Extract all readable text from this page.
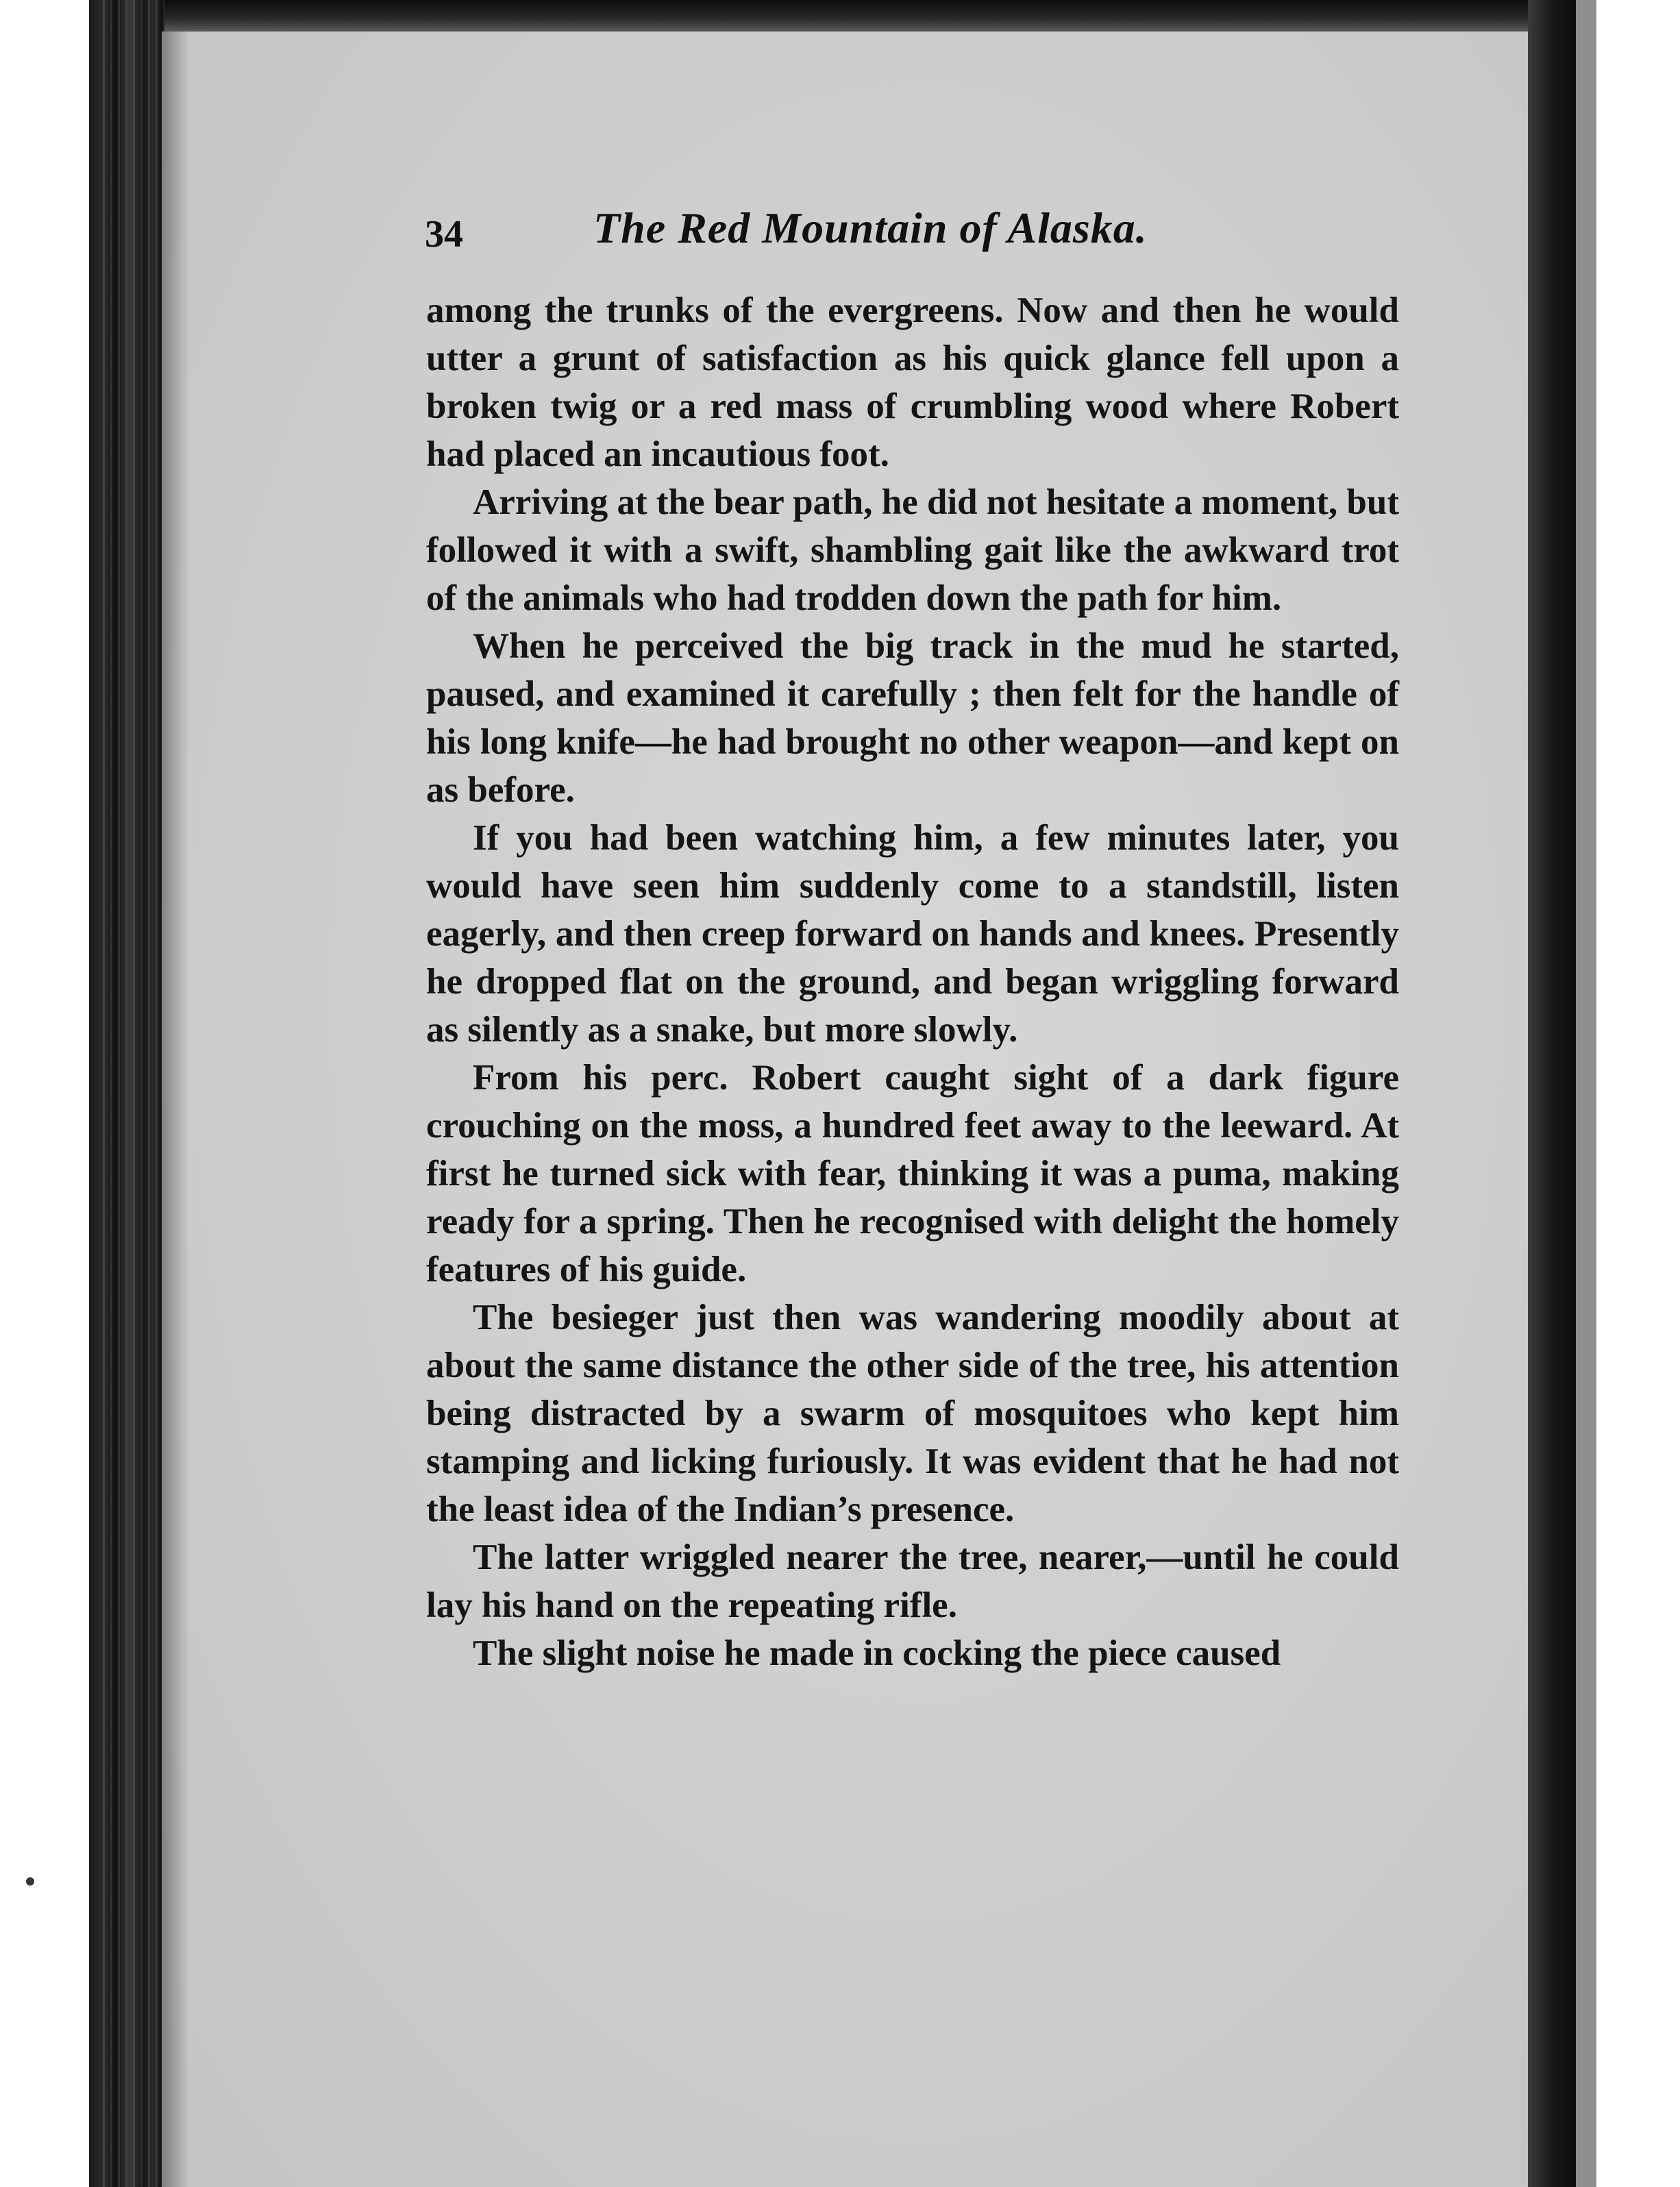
34	The Red Mountain of Alaska.

among the trunks of the evergreens. Now and then he would utter a grunt of satisfaction as his quick glance fell upon a broken twig or a red mass of crumbling wood where Robert had placed an incautious foot.

Arriving at the bear path, he did not hesitate a moment, but followed it with a swift, shambling gait like the awkward trot of the animals who had trodden down the path for him.

When he perceived the big track in the mud he started, paused, and examined it carefully ; then felt for the handle of his long knife—he had brought no other weapon—and kept on as before.

If you had been watching him, a few minutes later, you would have seen him suddenly come to a standstill, listen eagerly, and then creep forward on hands and knees. Presently he dropped flat on the ground, and began wriggling forward as silently as a snake, but more slowly.

From his perc. Robert caught sight of a dark figure crouching on the moss, a hundred feet away to the leeward. At first he turned sick with fear, thinking it was a puma, making ready for a spring. Then he recognised with delight the homely features of his guide.

The besieger just then was wandering moodily about at about the same distance the other side of the tree, his attention being distracted by a swarm of mosquitoes who kept him stamping and licking furiously. It was evident that he had not the least idea of the Indian’s presence.

The latter wriggled nearer the tree, nearer,—until he could lay his hand on the repeating rifle.

The slight noise he made in cocking the piece caused
